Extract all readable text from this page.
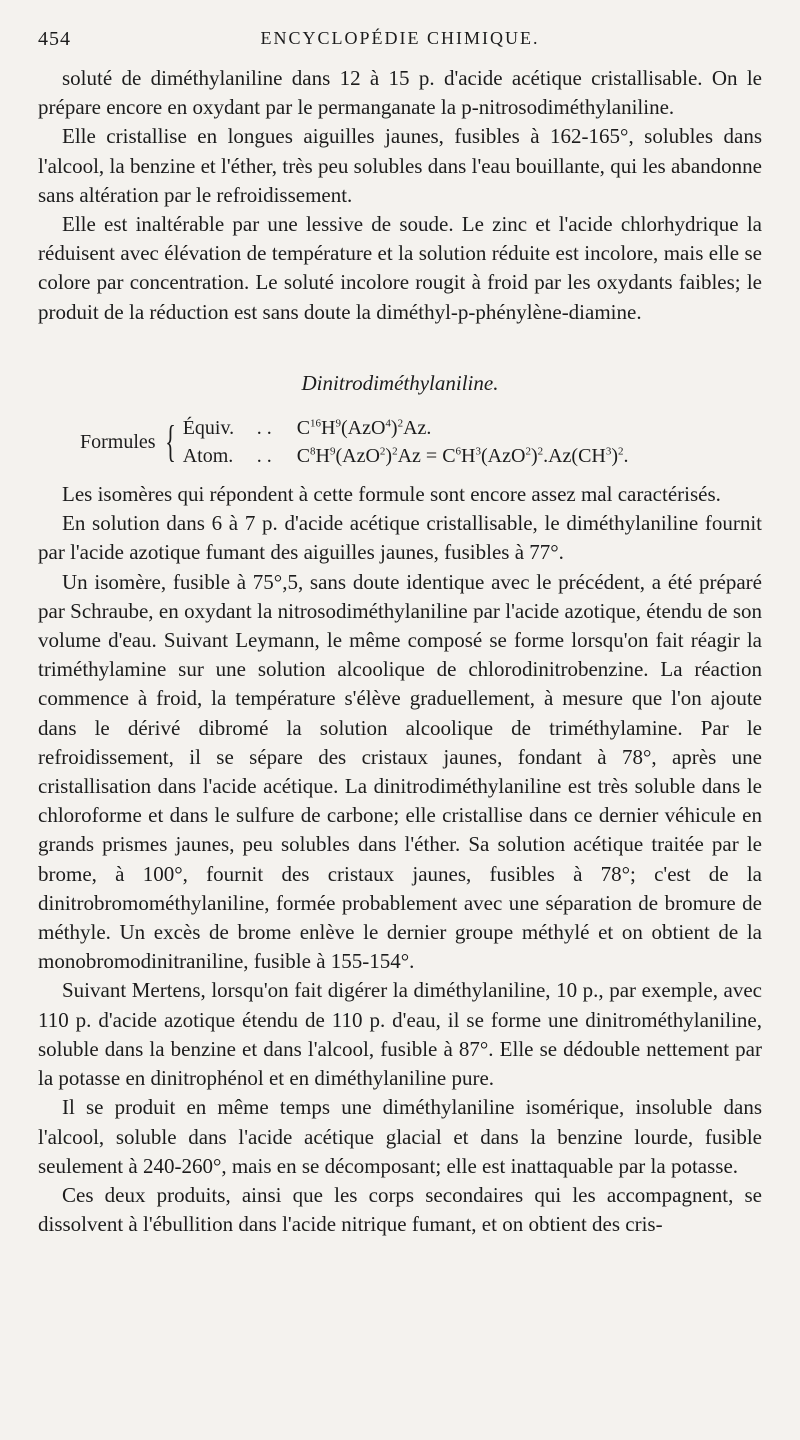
454	ENCYCLOPÉDIE CHIMIQUE.

soluté de diméthylaniline dans 12 à 15 p. d'acide acétique cristallisable. On le prépare encore en oxydant par le permanganate la p-nitrosodiméthylaniline.

Elle cristallise en longues aiguilles jaunes, fusibles à 162-165°, solubles dans l'alcool, la benzine et l'éther, très peu solubles dans l'eau bouillante, qui les abandonne sans altération par le refroidissement.

Elle est inaltérable par une lessive de soude. Le zinc et l'acide chlorhydrique la réduisent avec élévation de température et la solution réduite est incolore, mais elle se colore par concentration. Le soluté incolore rougit à froid par les oxydants faibles; le produit de la réduction est sans doute la diméthyl-p-phénylène-diamine.

Dinitrodiméthylaniline.
Formules { Équiv. . . $C^{16}H^9(AzO^4)^2Az$.
Atom. . . $C^8H^9(AzO^2)^2Az = C^6H^3(AzO^2)^2.Az(CH^3)^2$.

Les isomères qui répondent à cette formule sont encore assez mal caractérisés.

En solution dans 6 à 7 p. d'acide acétique cristallisable, le diméthylaniline fournit par l'acide azotique fumant des aiguilles jaunes, fusibles à 77°.

Un isomère, fusible à 75°,5, sans doute identique avec le précédent, a été préparé par Schraube, en oxydant la nitrosodiméthylaniline par l'acide azotique, étendu de son volume d'eau. Suivant Leymann, le même composé se forme lorsqu'on fait réagir la triméthylamine sur une solution alcoolique de chlorodinitrobenzine. La réaction commence à froid, la température s'élève graduellement, à mesure que l'on ajoute dans le dérivé dibromé la solution alcoolique de triméthylamine. Par le refroidissement, il se sépare des cristaux jaunes, fondant à 78°, après une cristallisation dans l'acide acétique. La dinitrodiméthylaniline est très soluble dans le chloroforme et dans le sulfure de carbone; elle cristallise dans ce dernier véhicule en grands prismes jaunes, peu solubles dans l'éther. Sa solution acétique traitée par le brome, à 100°, fournit des cristaux jaunes, fusibles à 78°; c'est de la dinitrobromométhylaniline, formée probablement avec une séparation de bromure de méthyle. Un excès de brome enlève le dernier groupe méthylé et on obtient de la monobromodinitraniline, fusible à 155-154°.

Suivant Mertens, lorsqu'on fait digérer la diméthylaniline, 10 p., par exemple, avec 110 p. d'acide azotique étendu de 110 p. d'eau, il se forme une dinitrométhylaniline, soluble dans la benzine et dans l'alcool, fusible à 87°. Elle se dédouble nettement par la potasse en dinitrophénol et en diméthylaniline pure.

Il se produit en même temps une diméthylaniline isomérique, insoluble dans l'alcool, soluble dans l'acide acétique glacial et dans la benzine lourde, fusible seulement à 240-260°, mais en se décomposant; elle est inattaquable par la potasse.

Ces deux produits, ainsi que les corps secondaires qui les accompagnent, se dissolvent à l'ébullition dans l'acide nitrique fumant, et on obtient des cris-
